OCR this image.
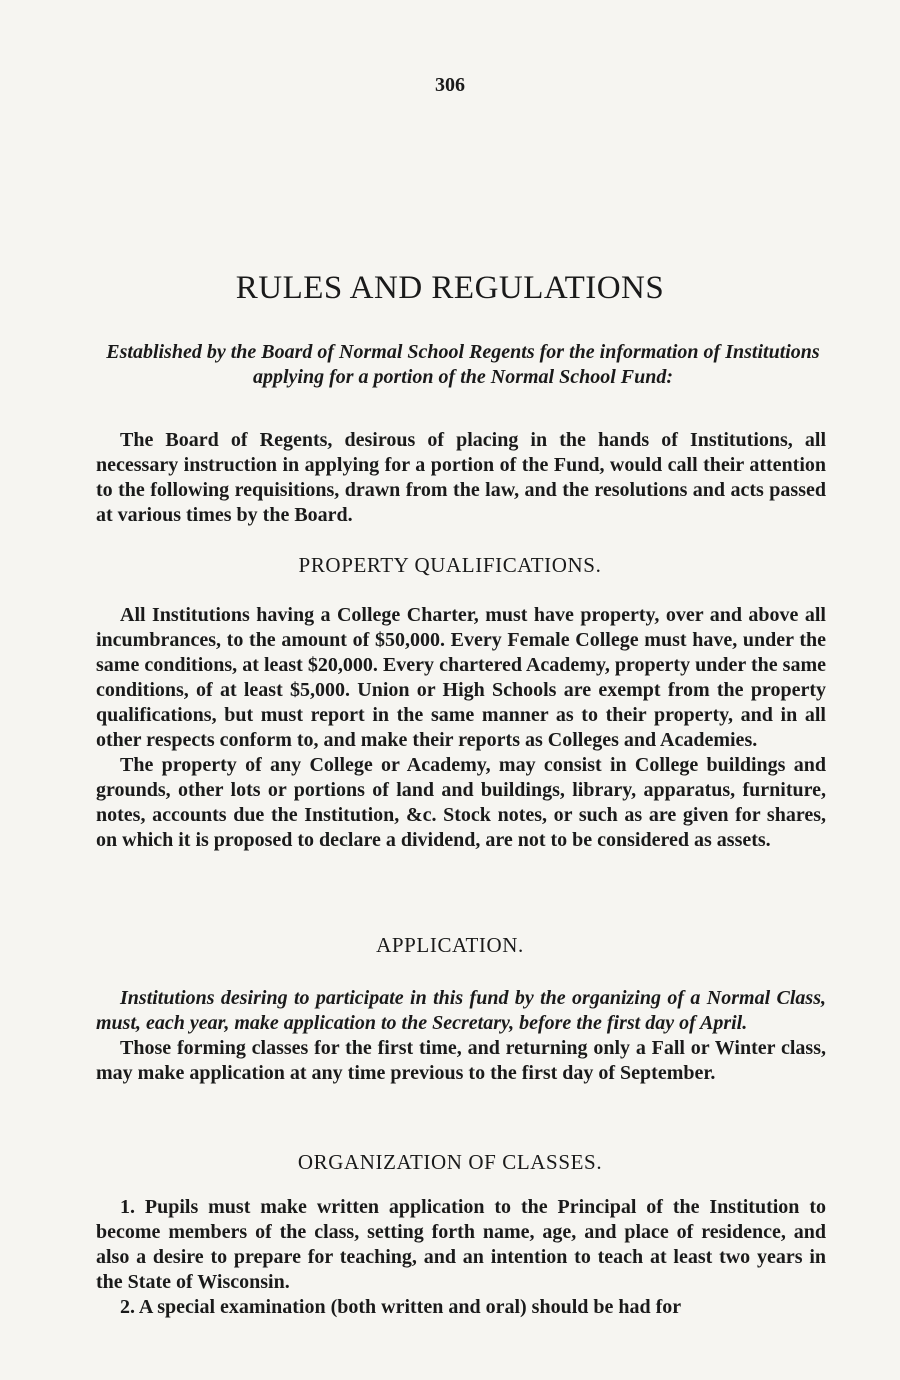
306
RULES AND REGULATIONS
Established by the Board of Normal School Regents for the information of Institutions applying for a portion of the Normal School Fund:
The Board of Regents, desirous of placing in the hands of Institutions, all necessary instruction in applying for a portion of the Fund, would call their attention to the following requisitions, drawn from the law, and the resolutions and acts passed at various times by the Board.
PROPERTY QUALIFICATIONS.

All Institutions having a College Charter, must have property, over and above all incumbrances, to the amount of $50,000. Every Female College must have, under the same conditions, at least $20,000. Every chartered Academy, property under the same conditions, of at least $5,000. Union or High Schools are exempt from the property qualifications, but must report in the same manner as to their property, and in all other respects conform to, and make their reports as Colleges and Academies.

The property of any College or Academy, may consist in College buildings and grounds, other lots or portions of land and buildings, library, apparatus, furniture, notes, accounts due the Institution, &c. Stock notes, or such as are given for shares, on which it is proposed to declare a dividend, are not to be considered as assets.

APPLICATION.

Institutions desiring to participate in this fund by the organizing of a Normal Class, must, each year, make application to the Secretary, before the first day of April.

Those forming classes for the first time, and returning only a Fall or Winter class, may make application at any time previous to the first day of September.

ORGANIZATION OF CLASSES.

1. Pupils must make written application to the Principal of the Institution to become members of the class, setting forth name, age, and place of residence, and also a desire to prepare for teaching, and an intention to teach at least two years in the State of Wisconsin.

2. A special examination (both written and oral) should be had for
